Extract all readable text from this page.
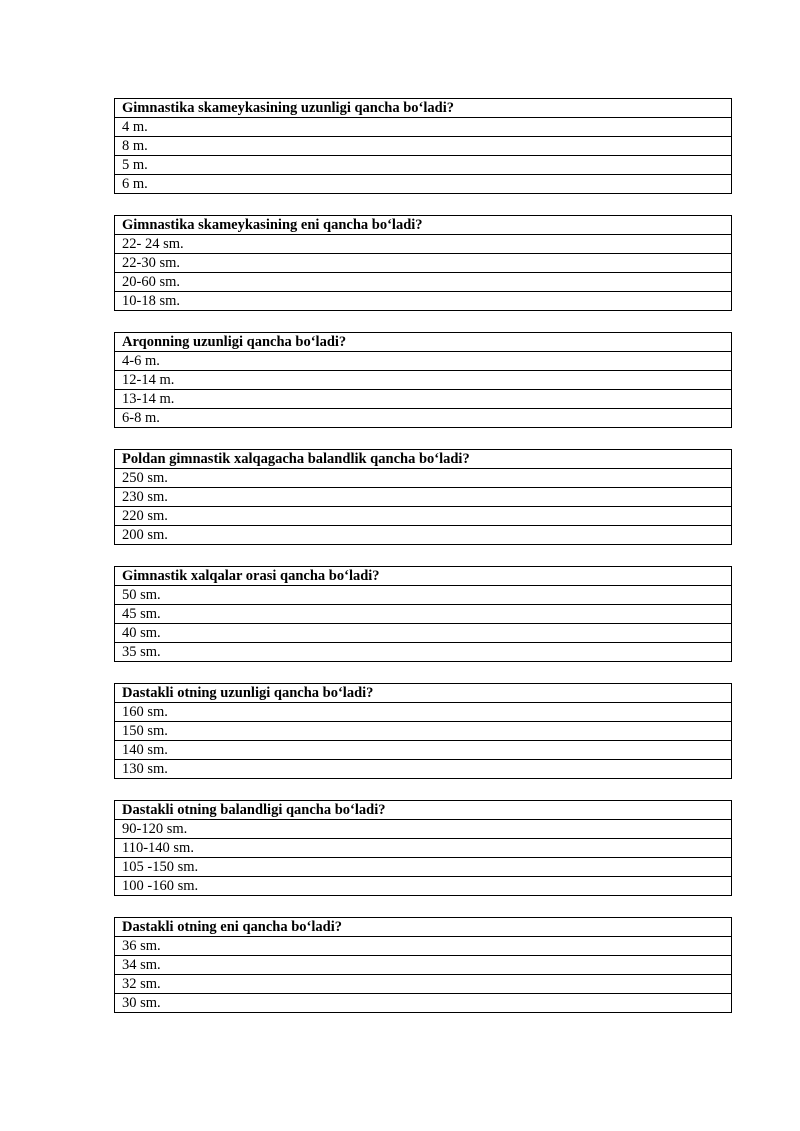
Gimnastika skameykasining uzunligi qancha bo‘ladi?
4 m.
8 m.
5 m.
6 m.
Gimnastika skameykasining eni qancha bo‘ladi?
22- 24 sm.
22-30 sm.
20-60 sm.
10-18 sm.
Arqonning uzunligi qancha bo‘ladi?
4-6 m.
12-14 m.
13-14 m.
6-8 m.
Poldan gimnastik xalqagacha balandlik qancha bo‘ladi?
250 sm.
230 sm.
220 sm.
200 sm.
Gimnastik xalqalar orasi qancha bo‘ladi?
50 sm.
45 sm.
40 sm.
35 sm.
Dastakli otning uzunligi qancha bo‘ladi?
160 sm.
150 sm.
140 sm.
130 sm.
Dastakli otning balandligi qancha bo‘ladi?
90-120 sm.
110-140 sm.
105 -150 sm.
100 -160 sm.
Dastakli otning eni qancha bo‘ladi?
36 sm.
34 sm.
32 sm.
30 sm.
